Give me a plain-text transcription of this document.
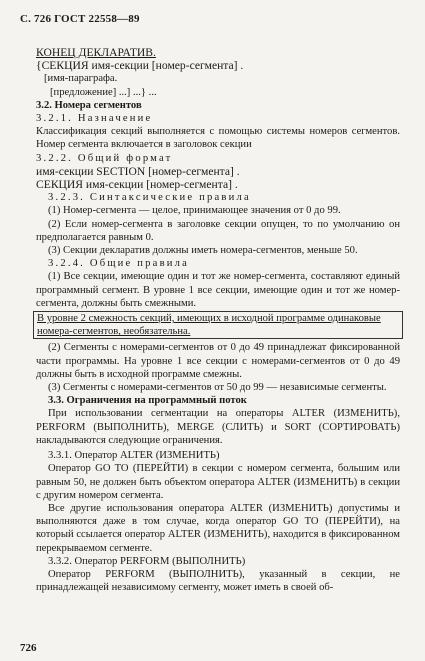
С. 726 ГОСТ 22558—89

КОНЕЦ ДЕКЛАРАТИВ.

{СЕКЦИЯ имя-секции [номер-сегмента] .

[имя-параграфа.

[предложение] ...] ...} ...

3.2. Номера сегментов

3.2.1. Назначение

Классификация секций выполняется с помощью системы номеров сегментов. Номер сегмента включается в заголовок секции

3.2.2. Общий формат

имя-секции SECTION [номер-сегмента] .

СЕКЦИЯ имя-секции [номер-сегмента] .

3.2.3. Синтаксические правила

(1) Номер-сегмента — целое, принимающее значения от 0 до 99.

(2) Если номер-сегмента в заголовке секции опущен, то по умолчанию он предполагается равным 0.

(3) Секции декларатив должны иметь номера-сегментов, меньше 50.

3.2.4. Общие правила

(1) Все секции, имеющие один и тот же номер-сегмента, составляют единый программный сегмент. В уровне 1 все секции, имеющие один и тот же номер-сегмента, должны быть смежными.

В уровне 2 смежность секций, имеющих в исходной программе одинаковые номера-сегментов, необязательна.

(2) Сегменты с номерами-сегментов от 0 до 49 принадлежат фиксированной части программы. На уровне 1 все секции с номерами-сегментов от 0 до 49 должны быть в исходной программе смежны.

(3) Сегменты с номерами-сегментов от 50 до 99 — независимые сегменты.

3.3. Ограничения на программный поток

При использовании сегментации на операторы ALTER (ИЗМЕНИТЬ), PERFORM (ВЫПОЛНИТЬ), MERGE (СЛИТЬ) и SORT (СОРТИРОВАТЬ) накладываются следующие ограничения.

3.3.1. Оператор ALTER (ИЗМЕНИТЬ)

Оператор GO TO (ПЕРЕЙТИ) в секции с номером сегмента, большим или равным 50, не должен быть объектом оператора ALTER (ИЗМЕНИТЬ) в секции с другим номером сегмента.

Все другие использования оператора ALTER (ИЗМЕНИТЬ) допустимы и выполняются даже в том случае, когда оператор GO TO (ПЕРЕЙТИ), на который ссылается оператор ALTER (ИЗМЕНИТЬ), находится в фиксированном перекрываемом сегменте.

3.3.2. Оператор PERFORM (ВЫПОЛНИТЬ)

Оператор PERFORM (ВЫПОЛНИТЬ), указанный в секции, не принадлежащей независимому сегменту, может иметь в своей об-

726
